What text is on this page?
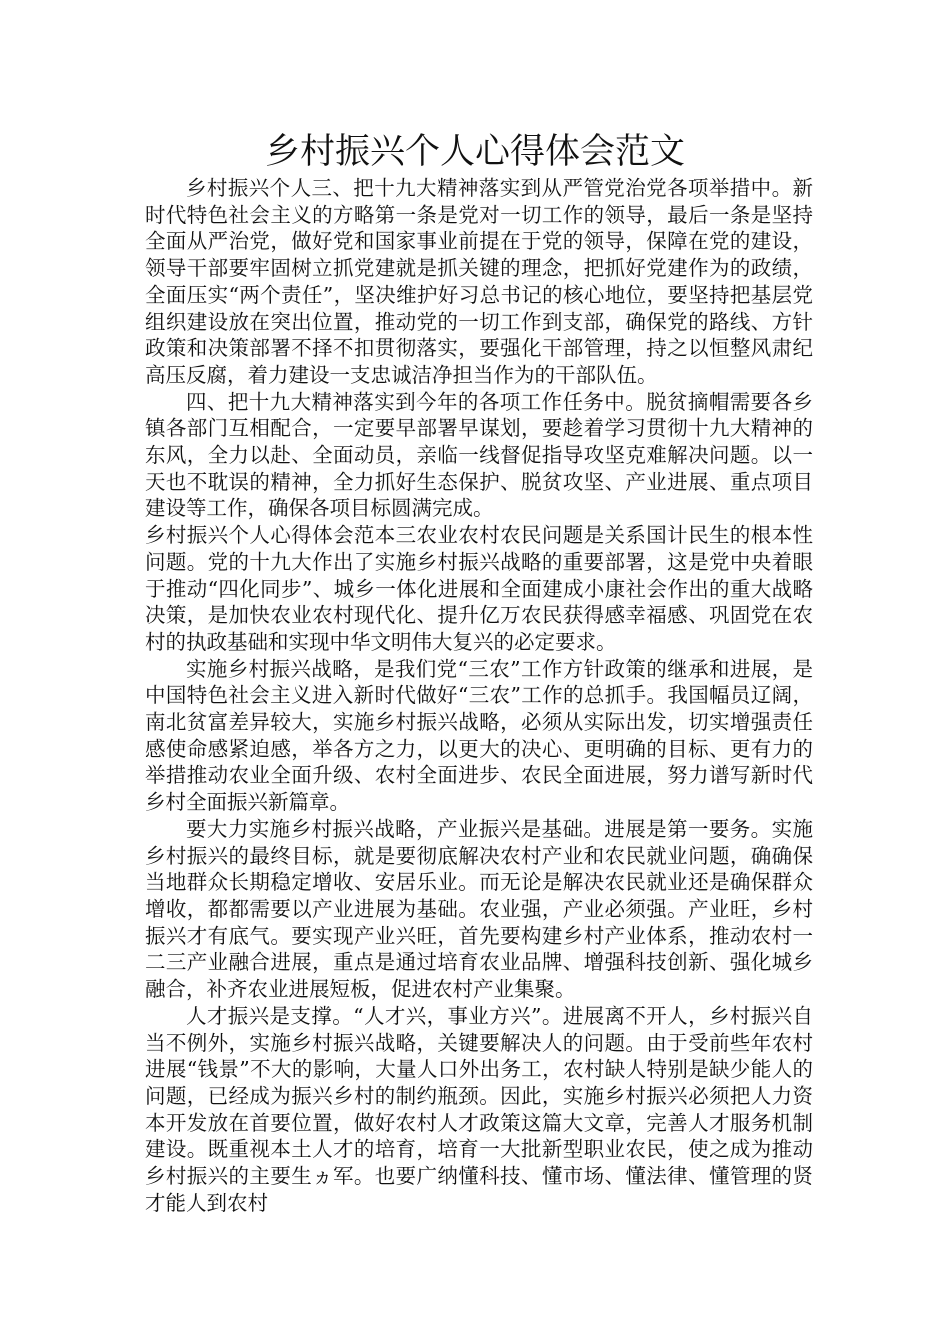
乡村振兴个人心得体会范文

乡村振兴个人三、把十九大精神落实到从严管党治党各项举措中。新时代特色社会主义的方略第一条是党对一切工作的领导，最后一条是坚持全面从严治党，做好党和国家事业前提在于党的领导，保障在党的建设，领导干部要牢固树立抓党建就是抓关键的理念，把抓好党建作为的政绩，全面压实“两个责任”，坚决维护好习总书记的核心地位，要坚持把基层党组织建设放在突出位置，推动党的一切工作到支部，确保党的路线、方针政策和决策部署不择不扣贯彻落实，要强化干部管理，持之以恒整风肃纪高压反腐，着力建设一支忠诚洁净担当作为的干部队伍。

四、把十九大精神落实到今年的各项工作任务中。脱贫摘帽需要各乡镇各部门互相配合，一定要早部署早谋划，要趁着学习贯彻十九大精神的东风，全力以赴、全面动员，亲临一线督促指导攻坚克难解决问题。以一天也不耽误的精神，全力抓好生态保护、脱贫攻坚、产业进展、重点项目建设等工作，确保各项目标圆满完成。

乡村振兴个人心得体会范本三农业农村农民问题是关系国计民生的根本性问题。党的十九大作出了实施乡村振兴战略的重要部署，这是党中央着眼于推动“四化同步”、城乡一体化进展和全面建成小康社会作出的重大战略决策，是加快农业农村现代化、提升亿万农民获得感幸福感、巩固党在农村的执政基础和实现中华文明伟大复兴的必定要求。

实施乡村振兴战略，是我们党“三农”工作方针政策的继承和进展，是中国特色社会主义进入新时代做好“三农”工作的总抓手。我国幅员辽阔，南北贫富差异较大，实施乡村振兴战略，必须从实际出发，切实增强责任感使命感紧迫感，举各方之力，以更大的决心、更明确的目标、更有力的举措推动农业全面升级、农村全面进步、农民全面进展，努力谱写新时代乡村全面振兴新篇章。

要大力实施乡村振兴战略，产业振兴是基础。进展是第一要务。实施乡村振兴的最终目标，就是要彻底解决农村产业和农民就业问题，确确保当地群众长期稳定增收、安居乐业。而无论是解决农民就业还是确保群众增收，都都需要以产业进展为基础。农业强，产业必须强。产业旺，乡村振兴才有底气。要实现产业兴旺，首先要构建乡村产业体系，推动农村一二三产业融合进展，重点是通过培育农业品牌、增强科技创新、强化城乡融合，补齐农业进展短板，促进农村产业集聚。

人才振兴是支撑。“人才兴，事业方兴”。进展离不开人，乡村振兴自当不例外，实施乡村振兴战略，关键要解决人的问题。由于受前些年农村进展“钱景”不大的影响，大量人口外出务工，农村缺人特别是缺少能人的问题，已经成为振兴乡村的制约瓶颈。因此，实施乡村振兴必须把人力资本开发放在首要位置，做好农村人才政策这篇大文章，完善人才服务机制建设。既重视本土人才的培育，培育一大批新型职业农民，使之成为推动乡村振兴的主要生ヵ军。也要广纳懂科技、懂市场、懂法律、懂管理的贤才能人到农村
